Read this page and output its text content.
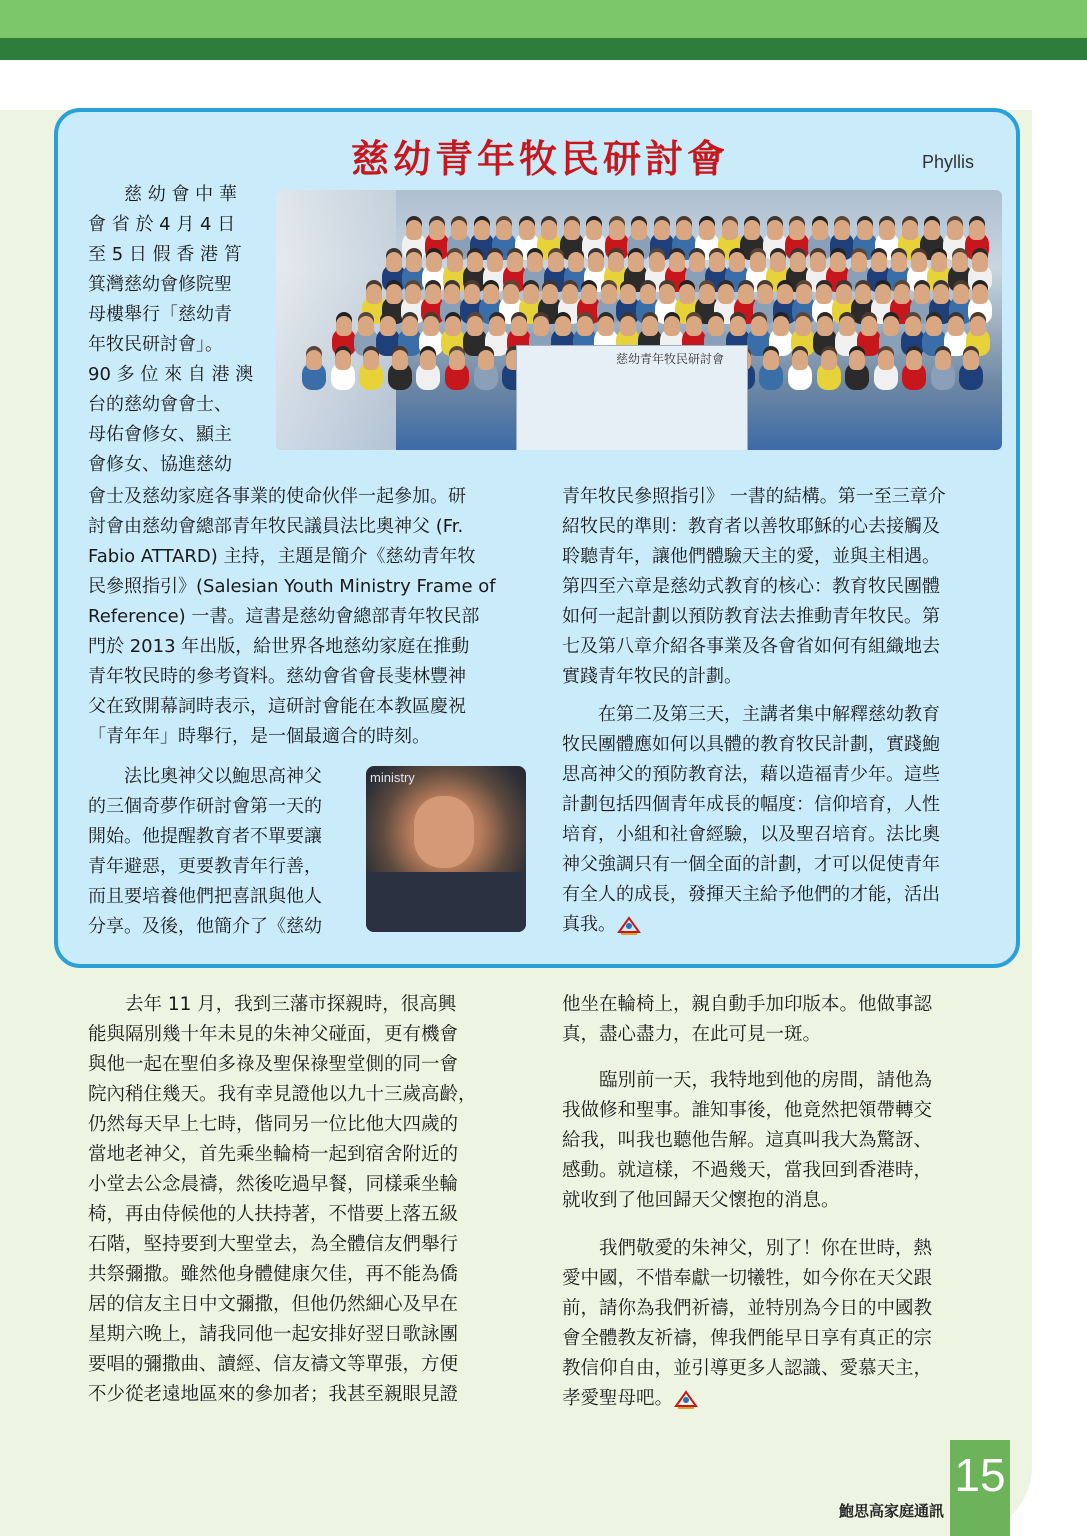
慈幼青年牧民研討會	Phyllis
　　慈 幼 會 中 華
會 省 於 4 月 4 日
至 5 日 假 香 港 筲
箕灣慈幼會修院聖
母樓舉行「慈幼青
年牧民研討會」。
90 多 位 來 自 港 澳
台的慈幼會會士、
母佑會修女、顯主
會修女、協進慈幼
慈幼青年牧民研討會
會士及慈幼家庭各事業的使命伙伴一起參加。研
討會由慈幼會總部青年牧民議員法比奧神父 (Fr.
Fabio ATTARD) 主持，主題是簡介《慈幼青年牧
民參照指引》(Salesian Youth Ministry Frame of
Reference) 一書。這書是慈幼會總部青年牧民部
門於 2013 年出版，給世界各地慈幼家庭在推動
青年牧民時的參考資料。慈幼會省會長斐林豐神
父在致開幕詞時表示，這研討會能在本教區慶祝
「青年年」時舉行，是一個最適合的時刻。
　　法比奧神父以鮑思高神父
的三個奇夢作研討會第一天的
開始。他提醒教育者不單要讓
青年避惡，更要教青年行善，
而且要培養他們把喜訊與他人
分享。及後，他簡介了《慈幼
ministry
青年牧民參照指引》 一書的結構。第一至三章介
紹牧民的準則：教育者以善牧耶穌的心去接觸及
聆聽青年，讓他們體驗天主的愛，並與主相遇。
第四至六章是慈幼式教育的核心：教育牧民團體
如何一起計劃以預防教育法去推動青年牧民。第
七及第八章介紹各事業及各會省如何有組織地去
實踐青年牧民的計劃。
　　在第二及第三天，主講者集中解釋慈幼教育
牧民團體應如何以具體的教育牧民計劃，實踐鮑
思高神父的預防教育法，藉以造福青少年。這些
計劃包括四個青年成長的幅度：信仰培育，人性
培育，小組和社會經驗，以及聖召培育。法比奧
神父強調只有一個全面的計劃，才可以促使青年
有全人的成長，發揮天主給予他們的才能，活出
真我。
　　去年 11 月，我到三藩市探親時，很高興
能與隔別幾十年未見的朱神父碰面，更有機會
與他一起在聖伯多祿及聖保祿聖堂側的同一會
院內稍住幾天。我有幸見證他以九十三歲高齡，
仍然每天早上七時，偕同另一位比他大四歲的
當地老神父，首先乘坐輪椅一起到宿舍附近的
小堂去公念晨禱，然後吃過早餐，同樣乘坐輪
椅，再由侍候他的人扶持著，不惜要上落五級
石階，堅持要到大聖堂去，為全體信友們舉行
共祭彌撒。雖然他身體健康欠佳，再不能為僑
居的信友主日中文彌撒，但他仍然細心及早在
星期六晚上，請我同他一起安排好翌日歌詠團
要唱的彌撒曲、讀經、信友禱文等單張，方便
不少從老遠地區來的參加者；我甚至親眼見證
他坐在輪椅上，親自動手加印版本。他做事認
真，盡心盡力，在此可見一斑。
　　臨別前一天，我特地到他的房間，請他為
我做修和聖事。誰知事後，他竟然把領帶轉交
給我，叫我也聽他告解。這真叫我大為驚訝、
感動。就這樣，不過幾天，當我回到香港時，
就收到了他回歸天父懷抱的消息。
　　我們敬愛的朱神父，別了！你在世時，熱
愛中國，不惜奉獻一切犧牲，如今你在天父跟
前，請你為我們祈禱，並特別為今日的中國教
會全體教友祈禱，俾我們能早日享有真正的宗
教信仰自由，並引導更多人認識、愛慕天主，
孝愛聖母吧。
鮑思高家庭通訊
15
